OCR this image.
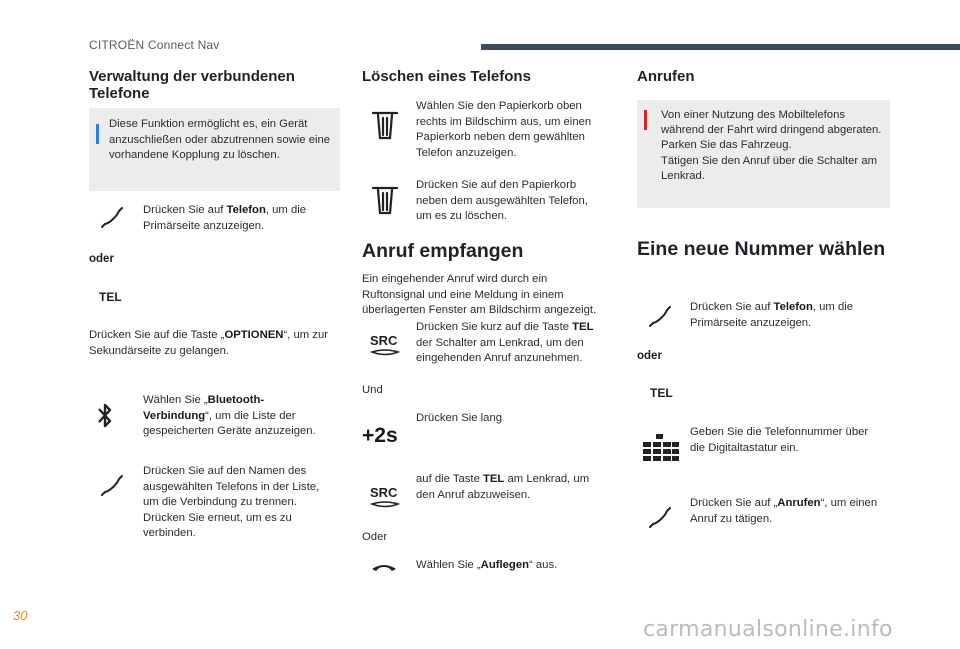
CITROËN Connect Nav
Verwaltung der verbundenen Telefone
Diese Funktion ermöglicht es, ein Gerät anzuschließen oder abzutrennen sowie eine vorhandene Kopplung zu löschen.
Drücken Sie auf Telefon, um die Primärseite anzuzeigen.
oder
TEL
Drücken Sie auf die Taste „OPTIONEN“, um zur Sekundärseite zu gelangen.
Wählen Sie „Bluetooth-Verbindung“, um die Liste der gespeicherten Geräte anzuzeigen.
Drücken Sie auf den Namen des ausgewählten Telefons in der Liste, um die Verbindung zu trennen. Drücken Sie erneut, um es zu verbinden.
Löschen eines Telefons
Wählen Sie den Papierkorb oben rechts im Bildschirm aus, um einen Papierkorb neben dem gewählten Telefon anzuzeigen.
Drücken Sie auf den Papierkorb neben dem ausgewählten Telefon, um es zu löschen.
Anruf empfangen
Ein eingehender Anruf wird durch ein Ruftonsignal und eine Meldung in einem überlagerten Fenster am Bildschirm angezeigt.
SRC
Drücken Sie kurz auf die Taste TEL der Schalter am Lenkrad, um den eingehenden Anruf anzunehmen.
Und
+2s
Drücken Sie lang
SRC
auf die Taste TEL am Lenkrad, um den Anruf abzuweisen.
Oder
Wählen Sie „Auflegen“ aus.
Anrufen
Von einer Nutzung des Mobiltelefons während der Fahrt wird dringend abgeraten.
Parken Sie das Fahrzeug.
Tätigen Sie den Anruf über die Schalter am Lenkrad.
Eine neue Nummer wählen
Drücken Sie auf Telefon, um die Primärseite anzuzeigen.
oder
TEL
Geben Sie die Telefonnummer über die Digitaltastatur ein.
Drücken Sie auf „Anrufen“, um einen Anruf zu tätigen.
30
carmanualsonline.info
